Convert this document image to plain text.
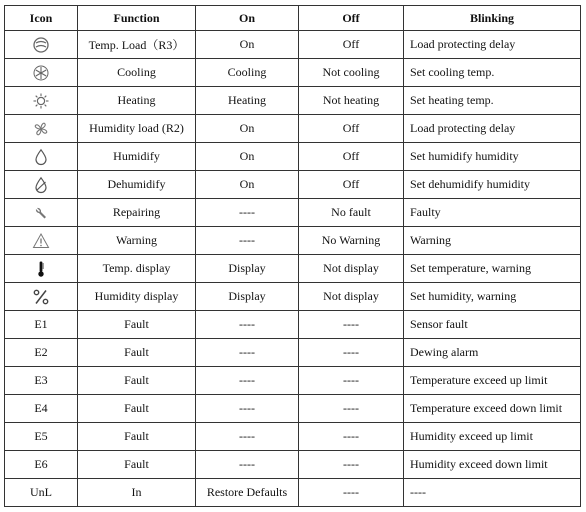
Icon	Function	On	Off	Blinking

	Temp. Load（R3）	On	Off	Load protecting delay

	Cooling	Cooling	Not cooling	Set cooling temp.

	Heating	Heating	Not heating	Set heating temp.

	Humidity load (R2)	On	Off	Load protecting delay

	Humidify	On	Off	Set humidify humidity

	Dehumidify	On	Off	Set dehumidify humidity

	Repairing	----	No fault	Faulty

	Warning	----	No Warning	Warning

	Temp. display	Display	Not display	Set temperature, warning

	Humidity display	Display	Not display	Set humidity, warning
E1	Fault	----	----	Sensor fault
E2	Fault	----	----	Dewing alarm
E3	Fault	----	----	Temperature exceed up limit
E4	Fault	----	----	Temperature exceed down limit
E5	Fault	----	----	Humidity exceed up limit
E6	Fault	----	----	Humidity exceed down limit
UnL	In	Restore Defaults	----	----
